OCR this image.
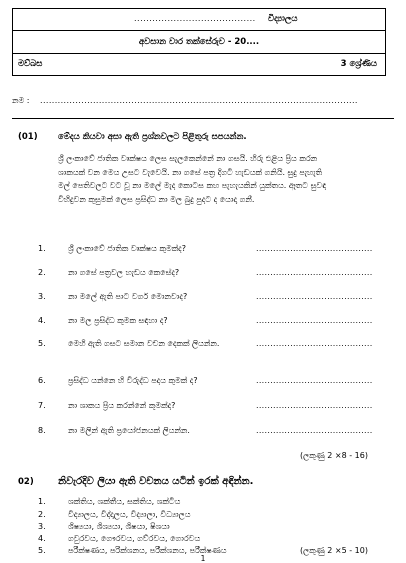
........................................ විද්‍යාලය
අවසාන වාර තක්සේරුව - 20....
මව්බස	3 ශ්‍රේණිය
නම : ............................................................................................................
(01) මේදය කියවා අසා ඇති ප්‍රශ්නවලට පිළිතුරු සපයන්න.
ශ්‍රී ලංකාවේ ජාතික වෘක්ෂය ලෙස සැලකෙන්නේ නා ගසයි. හිරු එළිය ප්‍රිය කරන
ශාකයක් වන මෙය උසට වැවෙයි. නා ගසේ පත්‍ර දිගටි හැඩයක් ගනියි. සුදු පැහැති
මල් පෙතිවලට වට වූ නා මලේ මැද කොටස කහ පැහැයකින් යුක්තය. ඈතට සුවඳ
විහිදුවන කුසුමක් ලෙස ප්‍රසිද්ධ නා මල බුදු පුදට ද යොදා ගනී.
1.	ශ්‍රී ලංකාවේ ජාතික වෘක්ෂය කුමක්ද?	.........................................
2.	නා ගසේ පත්‍රවල හැඩය කෙසේද?	.........................................
3.	නා මලේ ඇති පාට වර්ග මොනවාද?	.........................................
4.	නා මල ප්‍රසිද්ධ කුමක සඳහා ද?	.........................................
5.	මෙහි ඇති ගසට සමාන වචන දෙකක් ලියන්න.	.........................................
6.	ප්‍රසිද්ධ යන්නෙ හි විරුද්ධ පදය කුමක් ද?	.........................................
7.	නා ශාකය ප්‍රිය කරන්නේ කුමක්ද?	.........................................
8.	නා මලින් ඇති ප්‍රයෝජනයක් ලියන්න.	.........................................
(ලකුණු 2 ×8 - 16)
02) නිවැරදිව ලියා ඇති වචනය යටින් ඉරක් අඳින්න.
1.	ශක්තිය, ශක්තීය, සක්තිය, ශක්ටිය
2.	විද්‍යාලය, විද්දාලය, විද්‍යාලා, විධ්‍යාලය
3.	ශිෂ්‍යයා, ශිශ්‍යයා, ශිෂයා, ෂිශයා
4.	ගවුරවය, ගෞරවය, ගව්රවය, ගොරවය
5.	පරීක්ෂණය, පරික්ශනය, පරීක්ශනය, පරීක්ෂණය	(ලකුණු 2 ×5 - 10)
1
